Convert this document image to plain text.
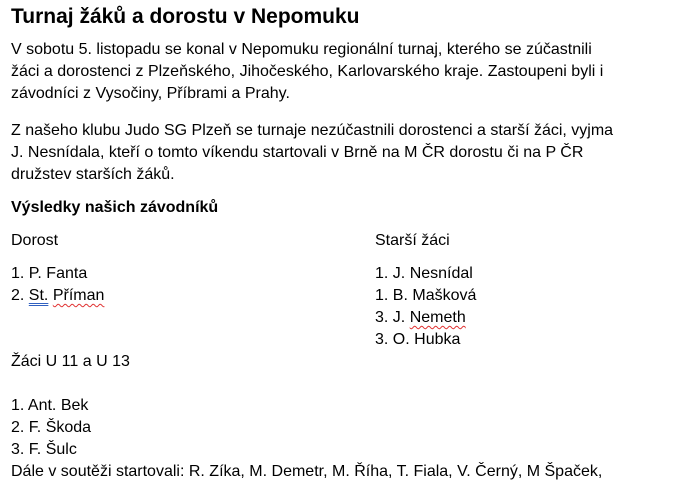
Turnaj žáků a dorostu v Nepomuku

V sobotu 5. listopadu se konal v Nepomuku regionální turnaj, kterého se zúčastnili
žáci a dorostenci z Plzeňského, Jihočeského, Karlovarského kraje. Zastoupeni byli i
závodníci z Vysočiny, Příbrami a Prahy.

Z našeho klubu Judo SG Plzeň se turnaje nezúčastnili dorostenci a starší žáci, vyjma
J. Nesnídala, kteří o tomto víkendu startovali v Brně na M ČR dorostu či na P ČR
družstev starších žáků.

Výsledky našich závodníků
Dorost
1. P. Fanta
2. St. Příman
Starší žáci
1. J. Nesnídal
1. B. Mašková
3. J. Nemeth
3. O. Hubka
Žáci U 11 a U 13
1. Ant. Bek
2. F. Škoda
3. F. Šulc
Dále v soutěži startovali: R. Zíka, M. Demetr, M. Říha, T. Fiala, V. Černý, M Špaček,
